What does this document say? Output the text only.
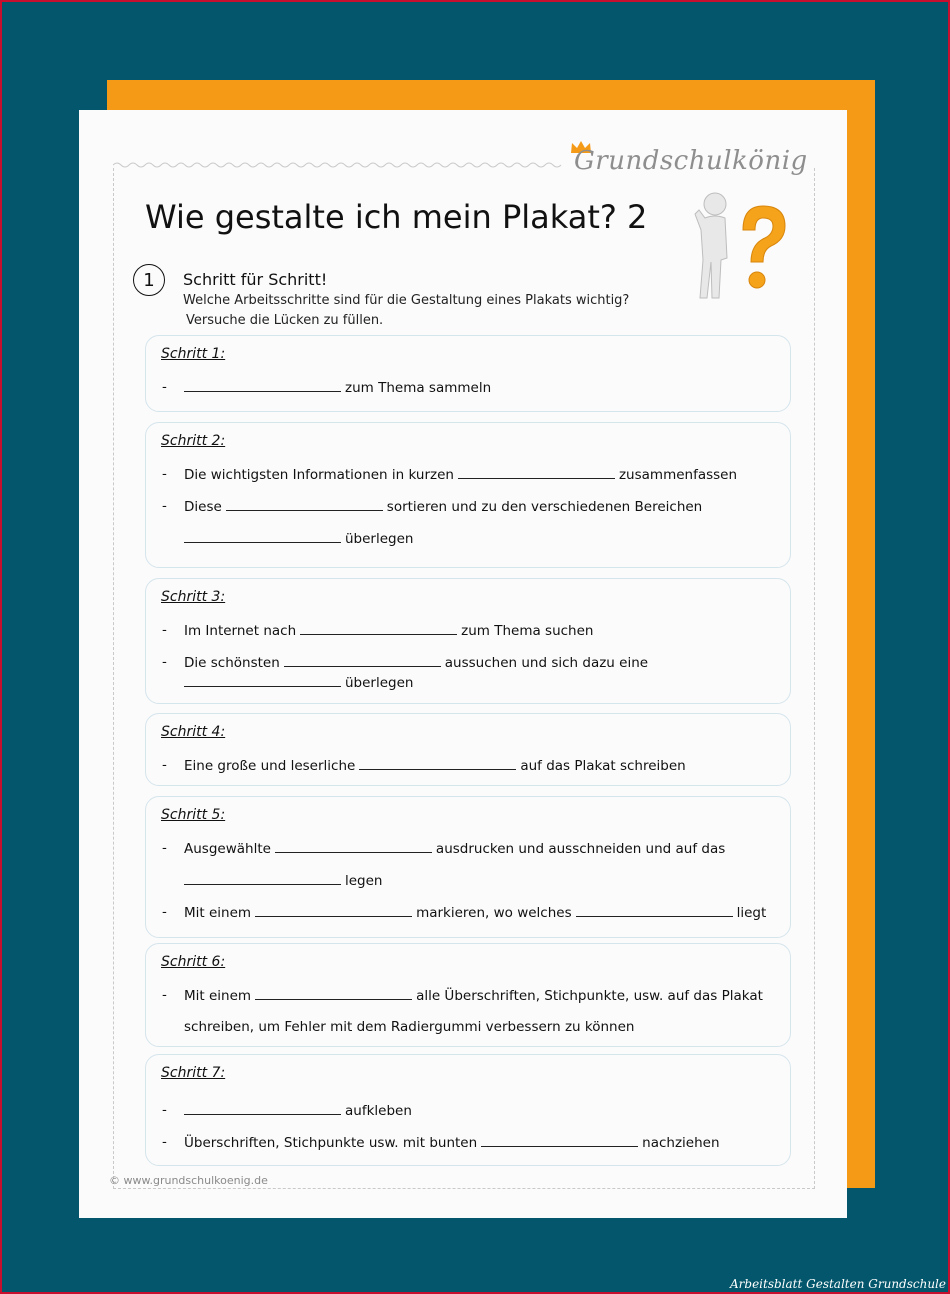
Grundschulkönig
Wie gestalte ich mein Plakat? 2
1	Schritt für Schritt!
Welche Arbeitsschritte sind für die Gestaltung eines Plakats wichtig?
Versuche die Lücken zu füllen.
Schritt 1:
-	zum Thema sammeln
Schritt 2:
- Die wichtigsten Informationen in kurzen	zusammenfassen
- Diese	sortieren und zu den verschiedenen Bereichen
überlegen
Schritt 3:
- Im Internet nach	zum Thema suchen
- Die schönsten	aussuchen und sich dazu eine
überlegen
Schritt 4:
- Eine große und leserliche	auf das Plakat schreiben
Schritt 5:
- Ausgewählte	ausdrucken und ausschneiden und auf das
legen
- Mit einem	markieren, wo welches	liegt
Schritt 6:
- Mit einem	alle Überschriften, Stichpunkte, usw. auf das Plakat
schreiben, um Fehler mit dem Radiergummi verbessern zu können
Schritt 7:
-	aufkleben
- Überschriften, Stichpunkte usw. mit bunten	nachziehen
© www.grundschulkoenig.de
Arbeitsblatt Gestalten Grundschule
